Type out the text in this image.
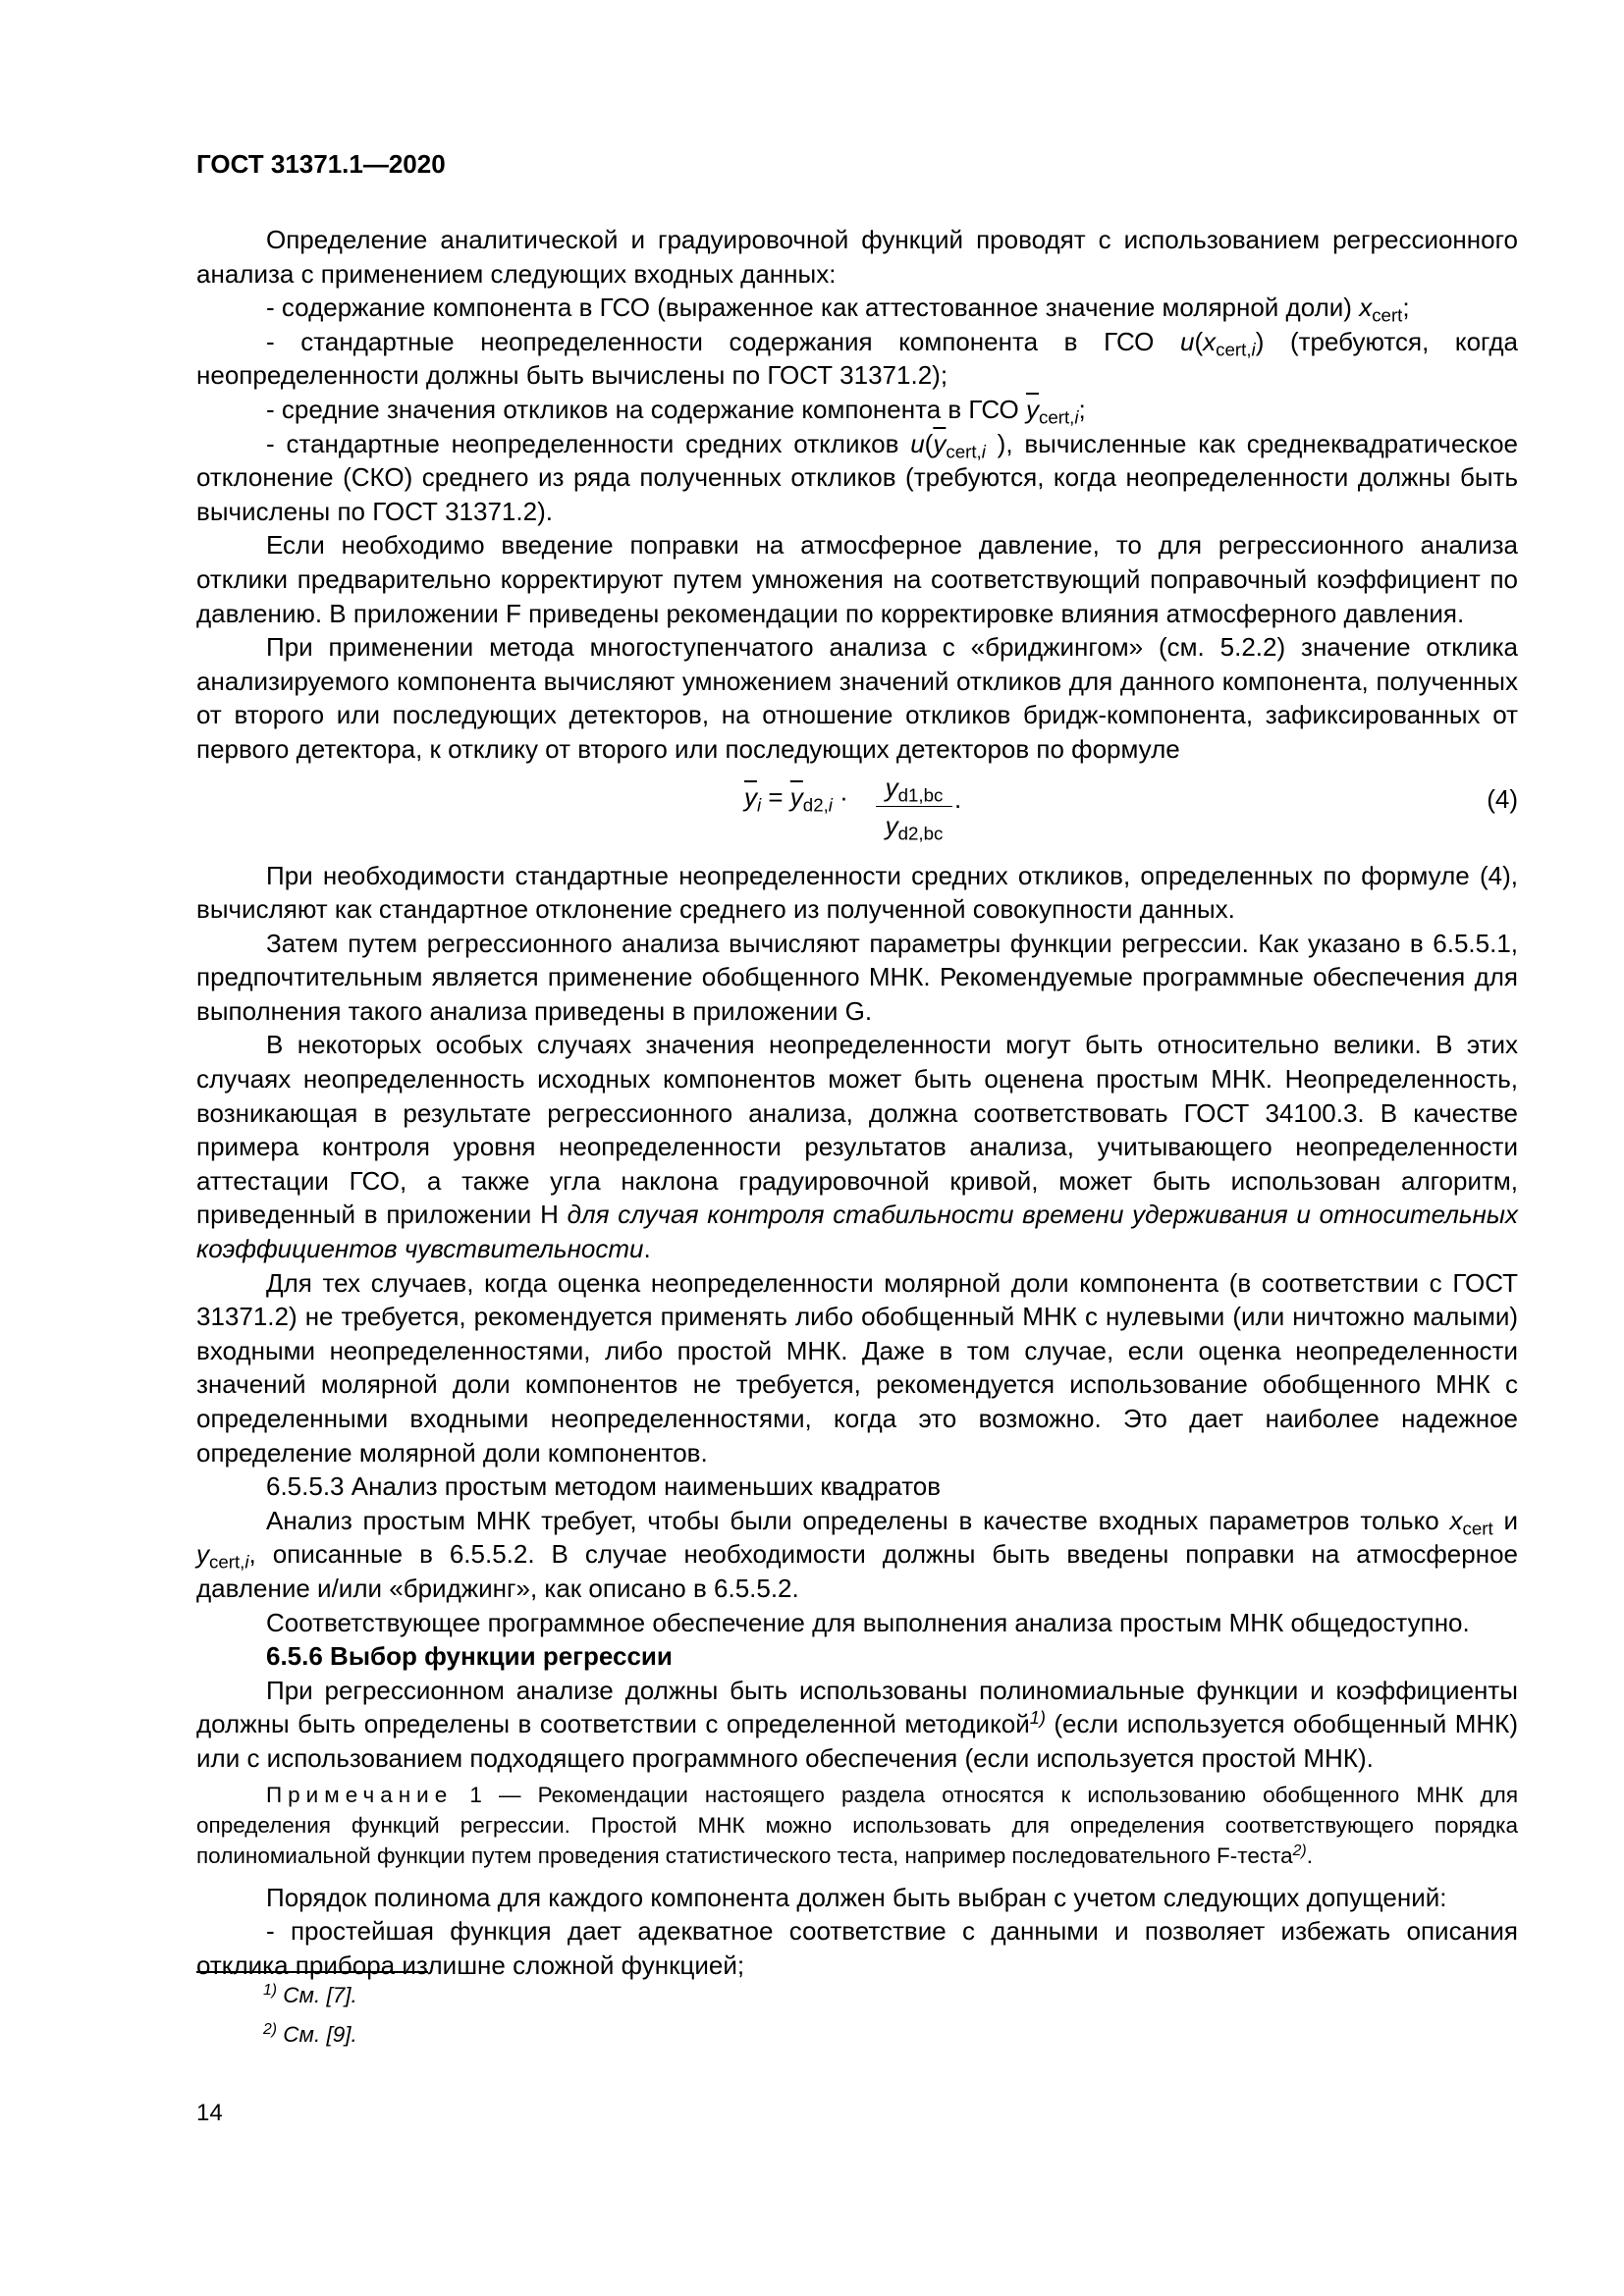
ГОСТ 31371.1—2020

Определение аналитической и градуировочной функций проводят с использованием регрессионного анализа с применением следующих входных данных:

- содержание компонента в ГСО (выраженное как аттестованное значение молярной доли) $x_{cert}$;

- стандартные неопределенности содержания компонента в ГСО $u(x_{cert,i})$ (требуются, когда неопределенности должны быть вычислены по ГОСТ 31371.2);

- средние значения откликов на содержание компонента в ГСО $\overline{y}_{cert,i}$;

- стандартные неопределенности средних откликов $u(\overline{y}_{cert,i}$ ), вычисленные как среднеквадратическое отклонение (СКО) среднего из ряда полученных откликов (требуются, когда неопределенности должны быть вычислены по ГОСТ 31371.2).

Если необходимо введение поправки на атмосферное давление, то для регрессионного анализа отклики предварительно корректируют путем умножения на соответствующий поправочный коэффициент по давлению. В приложении F приведены рекомендации по корректировке влияния атмосферного давления.

При применении метода многоступенчатого анализа с «бриджингом» (см. 5.2.2) значение отклика анализируемого компонента вычисляют умножением значений откликов для данного компонента, полученных от второго или последующих детекторов, на отношение откликов бридж-компонента, зафиксированных от первого детектора, к отклику от второго или последующих детекторов по формуле

$\overline{y}_i = \overline{y}_{d2,i}$ ·	$y_{d1,bc}$
$y_{d2,bc}$
.	(4)

При необходимости стандартные неопределенности средних откликов, определенных по формуле (4), вычисляют как стандартное отклонение среднего из полученной совокупности данных.

Затем путем регрессионного анализа вычисляют параметры функции регрессии. Как указано в 6.5.5.1, предпочтительным является применение обобщенного МНК. Рекомендуемые программные обеспечения для выполнения такого анализа приведены в приложении G.

В некоторых особых случаях значения неопределенности могут быть относительно велики. В этих случаях неопределенность исходных компонентов может быть оценена простым МНК. Неопределенность, возникающая в результате регрессионного анализа, должна соответствовать ГОСТ 34100.3. В качестве примера контроля уровня неопределенности результатов анализа, учитывающего неопределенности аттестации ГСО, а также угла наклона градуировочной кривой, может быть использован алгоритм, приведенный в приложении H для случая контроля стабильности времени удерживания и относительных коэффициентов чувствительности.

Для тех случаев, когда оценка неопределенности молярной доли компонента (в соответствии с ГОСТ 31371.2) не требуется, рекомендуется применять либо обобщенный МНК с нулевыми (или ничтожно малыми) входными неопределенностями, либо простой МНК. Даже в том случае, если оценка неопределенности значений молярной доли компонентов не требуется, рекомендуется использование обобщенного МНК с определенными входными неопределенностями, когда это возможно. Это дает наиболее надежное определение молярной доли компонентов.

6.5.5.3 Анализ простым методом наименьших квадратов

Анализ простым МНК требует, чтобы были определены в качестве входных параметров только $x_{cert}$ и $y_{cert,i}$, описанные в 6.5.5.2. В случае необходимости должны быть введены поправки на атмосферное давление и/или «бриджинг», как описано в 6.5.5.2.

Соответствующее программное обеспечение для выполнения анализа простым МНК общедоступно.

6.5.6 Выбор функции регрессии

При регрессионном анализе должны быть использованы полиномиальные функции и коэффициенты должны быть определены в соответствии с определенной методикой$^{1)}$ (если используется обобщенный МНК) или с использованием подходящего программного обеспечения (если используется простой МНК).

Примечание 1 — Рекомендации настоящего раздела относятся к использованию обобщенного МНК для определения функций регрессии. Простой МНК можно использовать для определения соответствующего порядка полиномиальной функции путем проведения статистического теста, например последовательного F-теста$^{2)}$.

Порядок полинома для каждого компонента должен быть выбран с учетом следующих допущений:

- простейшая функция дает адекватное соответствие с данными и позволяет избежать описания отклика прибора излишне сложной функцией;

$^{1)}$ См. [7].
$^{2)}$ См. [9].
14
